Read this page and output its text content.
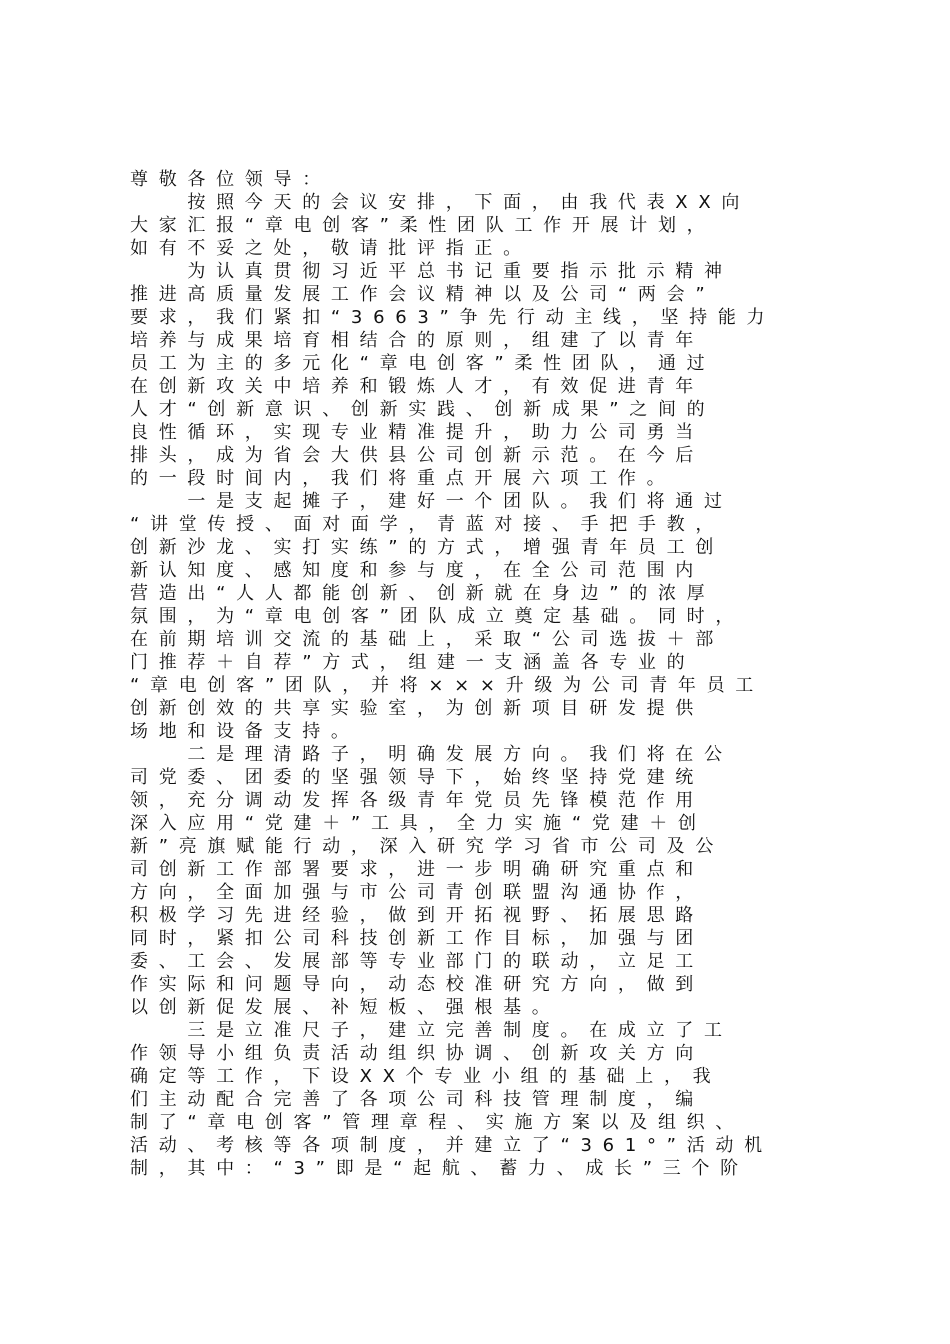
尊敬各位领导：
　　按照今天的会议安排，下面，由我代表XX向
大家汇报“章电创客”柔性团队工作开展计划，
如有不妥之处，敬请批评指正。
　　为认真贯彻习近平总书记重要指示批示精神
推进高质量发展工作会议精神以及公司“两会”
要求，我们紧扣“3663”争先行动主线，坚持能力
培养与成果培育相结合的原则，组建了以青年
员工为主的多元化“章电创客”柔性团队，通过
在创新攻关中培养和锻炼人才，有效促进青年
人才“创新意识、创新实践、创新成果”之间的
良性循环，实现专业精准提升，助力公司勇当
排头，成为省会大供县公司创新示范。在今后
的一段时间内，我们将重点开展六项工作。
　　一是支起摊子，建好一个团队。我们将通过
“讲堂传授、面对面学，青蓝对接、手把手教，
创新沙龙、实打实练”的方式，增强青年员工创
新认知度、感知度和参与度，在全公司范围内
营造出“人人都能创新、创新就在身边”的浓厚
氛围，为“章电创客”团队成立奠定基础。同时，
在前期培训交流的基础上，采取“公司选拔＋部
门推荐＋自荐”方式，组建一支涵盖各专业的
“章电创客”团队，并将×××升级为公司青年员工
创新创效的共享实验室，为创新项目研发提供
场地和设备支持。
　　二是理清路子，明确发展方向。我们将在公
司党委、团委的坚强领导下，始终坚持党建统
领，充分调动发挥各级青年党员先锋模范作用
深入应用“党建＋”工具，全力实施“党建＋创
新”亮旗赋能行动，深入研究学习省市公司及公
司创新工作部署要求，进一步明确研究重点和
方向，全面加强与市公司青创联盟沟通协作，
积极学习先进经验，做到开拓视野、拓展思路
同时，紧扣公司科技创新工作目标，加强与团
委、工会、发展部等专业部门的联动，立足工
作实际和问题导向，动态校准研究方向，做到
以创新促发展、补短板、强根基。
　　三是立准尺子，建立完善制度。在成立了工
作领导小组负责活动组织协调、创新攻关方向
确定等工作，下设XX个专业小组的基础上，我
们主动配合完善了各项公司科技管理制度，编
制了“章电创客”管理章程、实施方案以及组织、
活动、考核等各项制度，并建立了“361°”活动机
制，其中：“3”即是“起航、蓄力、成长”三个阶
